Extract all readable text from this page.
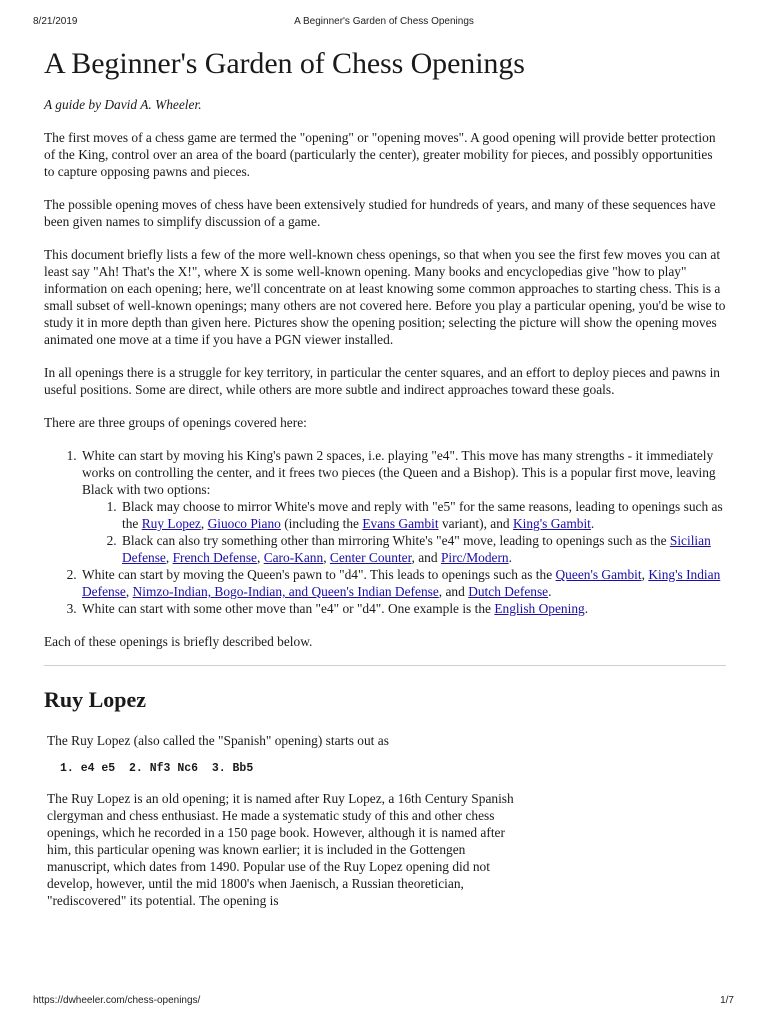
8/21/2019	A Beginner's Garden of Chess Openings
A Beginner's Garden of Chess Openings

A guide by David A. Wheeler.

The first moves of a chess game are termed the "opening" or "opening moves". A good opening will provide better protection of the King, control over an area of the board (particularly the center), greater mobility for pieces, and possibly opportunities to capture opposing pawns and pieces.

The possible opening moves of chess have been extensively studied for hundreds of years, and many of these sequences have been given names to simplify discussion of a game.

This document briefly lists a few of the more well-known chess openings, so that when you see the first few moves you can at least say "Ah! That's the X!", where X is some well-known opening. Many books and encyclopedias give "how to play" information on each opening; here, we'll concentrate on at least knowing some common approaches to starting chess. This is a small subset of well-known openings; many others are not covered here. Before you play a particular opening, you'd be wise to study it in more depth than given here. Pictures show the opening position; selecting the picture will show the opening moves animated one move at a time if you have a PGN viewer installed.

In all openings there is a struggle for key territory, in particular the center squares, and an effort to deploy pieces and pawns in useful positions. Some are direct, while others are more subtle and indirect approaches toward these goals.

There are three groups of openings covered here:

1. White can start by moving his King's pawn 2 spaces, i.e. playing "e4". This move has many strengths - it immediately works on controlling the center, and it frees two pieces (the Queen and a Bishop). This is a popular first move, leaving Black with two options:
1. Black may choose to mirror White's move and reply with "e5" for the same reasons, leading to openings such as the Ruy Lopez, Giuoco Piano (including the Evans Gambit variant), and King's Gambit.
2. Black can also try something other than mirroring White's "e4" move, leading to openings such as the Sicilian Defense, French Defense, Caro-Kann, Center Counter, and Pirc/Modern.
2. White can start by moving the Queen's pawn to "d4". This leads to openings such as the Queen's Gambit, King's Indian Defense, Nimzo-Indian, Bogo-Indian, and Queen's Indian Defense, and Dutch Defense.
3. White can start with some other move than "e4" or "d4". One example is the English Opening.

Each of these openings is briefly described below.

Ruy Lopez

The Ruy Lopez (also called the "Spanish" opening) starts out as

1. e4 e5  2. Nf3 Nc6  3. Bb5

The Ruy Lopez is an old opening; it is named after Ruy Lopez, a 16th Century Spanish clergyman and chess enthusiast. He made a systematic study of this and other chess openings, which he recorded in a 150 page book. However, although it is named after him, this particular opening was known earlier; it is included in the Gottengen manuscript, which dates from 1490. Popular use of the Ruy Lopez opening did not develop, however, until the mid 1800's when Jaenisch, a Russian theoretician, "rediscovered" its potential. The opening is

https://dwheeler.com/chess-openings/	1/7
